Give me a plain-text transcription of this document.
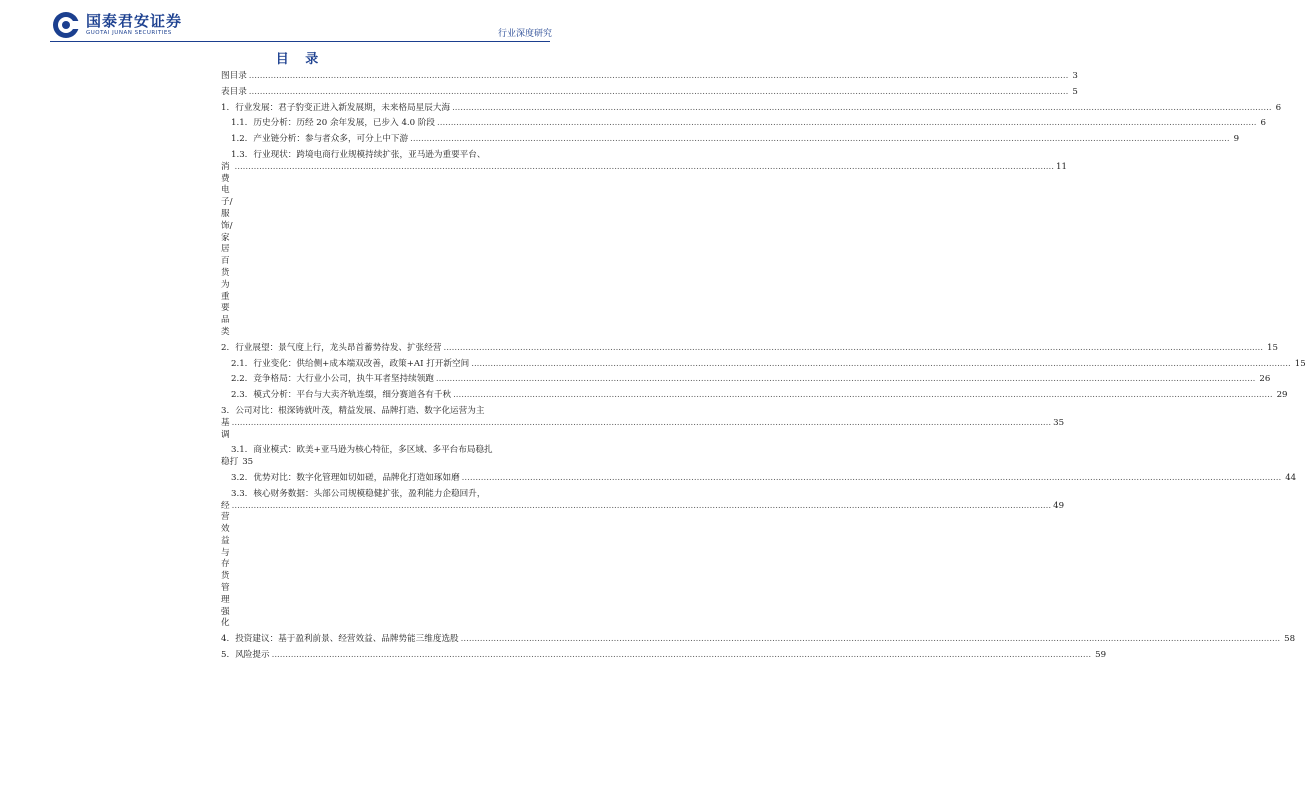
国泰君安证券
GUOTAI JUNAN SECURITIES	行业深度研究
目 录
图目录 ............................................................................................................................................................................................................................................................................................................ 3
表目录 ............................................................................................................................................................................................................................................................................................................ 5
1. 行业发展：君子豹变正进入新发展期，未来格局星辰大海 ............................................................................................................................................................................................................................................................................................................ 6
1.1. 历史分析：历经 20 余年发展，已步入 4.0 阶段 ............................................................................................................................................................................................................................................................................................................ 6
1.2. 产业链分析：参与者众多，可分上中下游 ............................................................................................................................................................................................................................................................................................................ 9
1.3. 行业现状：跨境电商行业规模持续扩张，亚马逊为重要平台、
消费电子/服饰/家居百货为重要品类
............................................................................................................................................................................................................................................................................................................ 11
2. 行业展望：景气度上行，龙头昂首蓄势待发、扩张经营 ............................................................................................................................................................................................................................................................................................................ 15
2.1. 行业变化：供给侧+成本端双改善，政策+AI 打开新空间 ............................................................................................................................................................................................................................................................................................................ 15
2.2. 竞争格局：大行业小公司，执牛耳者坚持续领跑 ............................................................................................................................................................................................................................................................................................................ 26
2.3. 模式分析：平台与大卖齐轨连缀，细分赛道各有千秋 ............................................................................................................................................................................................................................................................................................................ 29
3. 公司对比：根深铸就叶茂，精益发展、品牌打造、数字化运营为主
基调
............................................................................................................................................................................................................................................................................................................ 35
3.1. 商业模式：欧美+亚马逊为核心特征，多区域、多平台布局稳扎
稳打 35
3.2. 优势对比：数字化管理如切如磋，品牌化打造如琢如磨 ............................................................................................................................................................................................................................................................................................................ 44
3.3. 核心财务数据：头部公司规模稳健扩张，盈利能力企稳回升，
经营效益与存货管理强化
............................................................................................................................................................................................................................................................................................................ 49
4. 投资建议：基于盈利前景、经营效益、品牌势能三维度选股 ............................................................................................................................................................................................................................................................................................................ 58
5. 风险提示 ............................................................................................................................................................................................................................................................................................................ 59
